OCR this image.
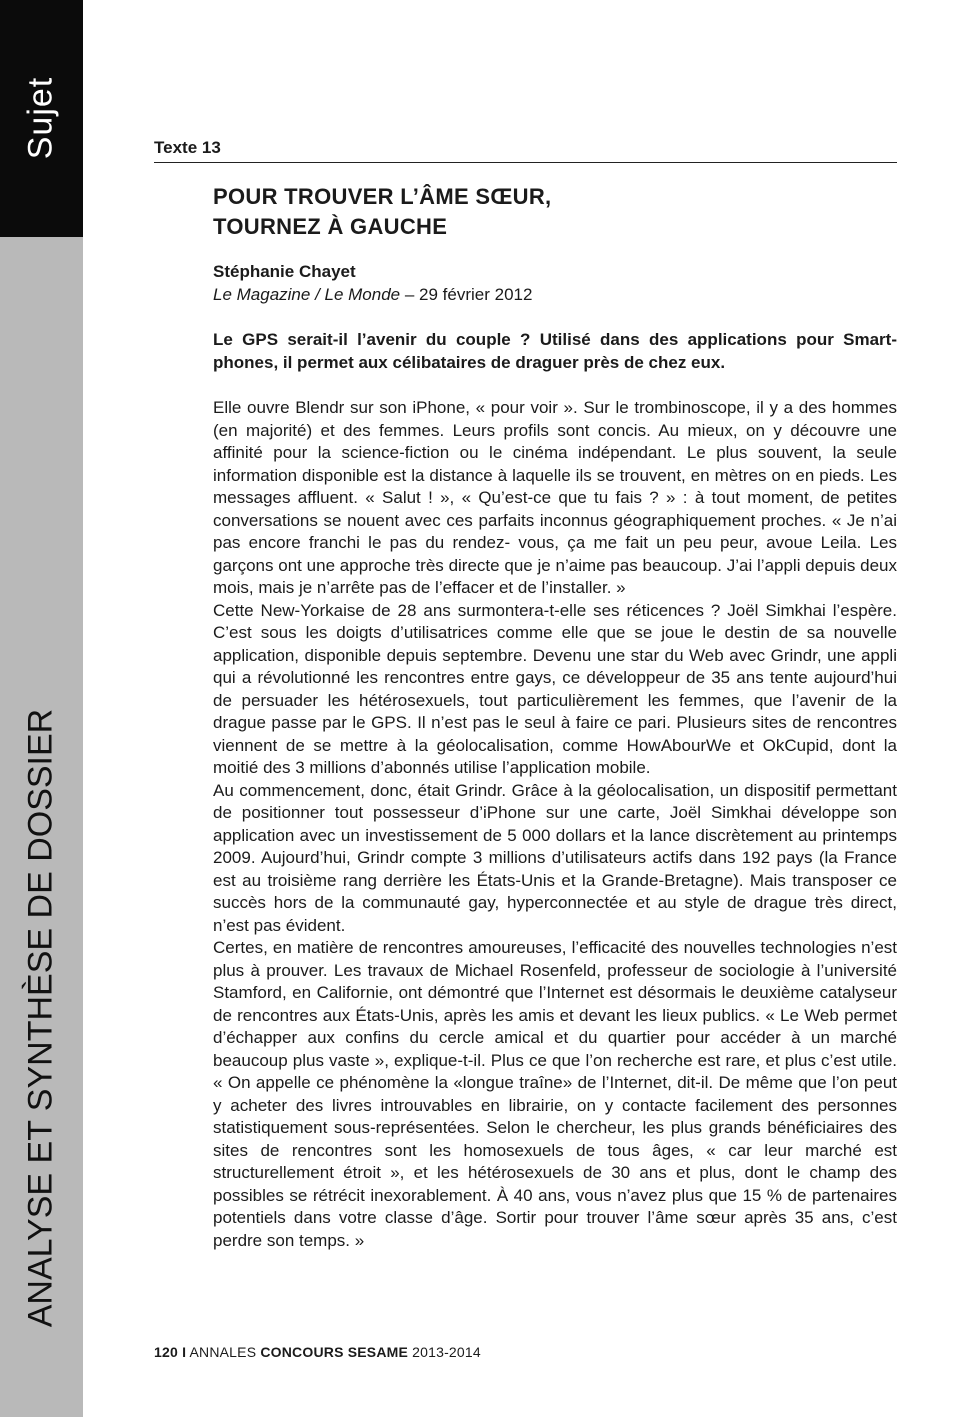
Sujet
ANALYSE ET SYNTHÈSE DE DOSSIER
Texte 13
POUR TROUVER L’ÂME SŒUR,
TOURNEZ À GAUCHE
Stéphanie Chayet
Le Magazine / Le Monde – 29 février 2012

Le GPS serait-il l’avenir du couple ? Utilisé dans des applications pour Smartphones, il permet aux célibataires de draguer près de chez eux.

Elle ouvre Blendr sur son iPhone, « pour voir ». Sur le trombinoscope, il y a des hommes (en majorité) et des femmes. Leurs profils sont concis. Au mieux, on y découvre une affinité pour la science-fiction ou le cinéma indépendant. Le plus souvent, la seule information disponible est la distance à laquelle ils se trouvent, en mètres on en pieds. Les messages affluent. « Salut ! », « Qu’est-ce que tu fais ? » : à tout moment, de petites conversations se nouent avec ces parfaits inconnus géographiquement proches. « Je n’ai pas encore franchi le pas du rendez- vous, ça me fait un peu peur, avoue Leila. Les garçons ont une approche très directe que je n’aime pas beaucoup. J’ai l’appli depuis deux mois, mais je n’arrête pas de l’effacer et de l’installer. »

Cette New-Yorkaise de 28 ans surmontera-t-elle ses réticences ? Joël Simkhai l’espère. C’est sous les doigts d’utilisatrices comme elle que se joue le destin de sa nouvelle application, disponible depuis septembre. Devenu une star du Web avec Grindr, une appli qui a révolutionné les rencontres entre gays, ce développeur de 35 ans tente aujourd’hui de persuader les hétérosexuels, tout particulièrement les femmes, que l’avenir de la drague passe par le GPS. Il n’est pas le seul à faire ce pari. Plusieurs sites de rencontres viennent de se mettre à la géolocalisation, comme HowAbourWe et OkCupid, dont la moitié des 3 millions d’abonnés utilise l’application mobile.

Au commencement, donc, était Grindr. Grâce à la géolocalisation, un dispositif permettant de positionner tout possesseur d’iPhone sur une carte, Joël Simkhai développe son application avec un investissement de 5 000 dollars et la lance discrètement au printemps 2009. Aujourd’hui, Grindr compte 3 millions d’utilisateurs actifs dans 192 pays (la France est au troisième rang derrière les États-Unis et la Grande-Bretagne). Mais transposer ce succès hors de la communauté gay, hyperconnectée et au style de drague très direct, n’est pas évident.

Certes, en matière de rencontres amoureuses, l’efficacité des nouvelles technologies n’est plus à prouver. Les travaux de Michael Rosenfeld, professeur de sociologie à l’université Stamford, en Californie, ont démontré que l’Internet est désormais le deuxième catalyseur de rencontres aux États-Unis, après les amis et devant les lieux publics. « Le Web permet d’échapper aux confins du cercle amical et du quartier pour accéder à un marché beaucoup plus vaste », explique-t-il. Plus ce que l’on recherche est rare, et plus c’est utile. « On appelle ce phénomène la «longue traîne» de l’Internet, dit-il. De même que l’on peut y acheter des livres introuvables en librairie, on y contacte facilement des personnes statistiquement sous-représentées. Selon le chercheur, les plus grands bénéficiaires des sites de rencontres sont les homosexuels de tous âges, « car leur marché est structurellement étroit », et les hétérosexuels de 30 ans et plus, dont le champ des possibles se rétrécit inexorablement. À 40 ans, vous n’avez plus que 15 % de partenaires potentiels dans votre classe d’âge. Sortir pour trouver l’âme sœur après 35 ans, c’est perdre son temps. »

120 I ANNALES CONCOURS SESAME 2013-2014
